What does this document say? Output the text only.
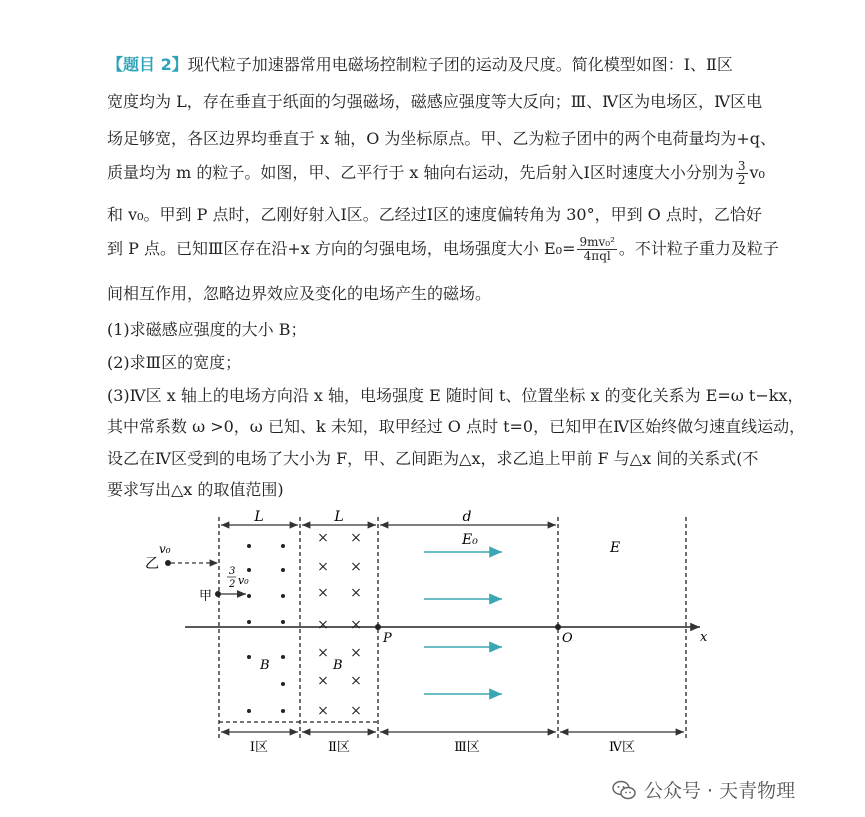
【题目 2】现代粒子加速器常用电磁场控制粒子团的运动及尺度。简化模型如图：Ⅰ、Ⅱ区
宽度均为 L，存在垂直于纸面的匀强磁场，磁感应强度等大反向；Ⅲ、Ⅳ区为电场区，Ⅳ区电
场足够宽，各区边界均垂直于 x 轴，O 为坐标原点。甲、乙为粒子团中的两个电荷量均为+q、
质量均为 m 的粒子。如图，甲、乙平行于 x 轴向右运动，先后射入Ⅰ区时速度大小分别为 $\frac{3}{2} v_0$
和 v₀。甲到 P 点时，乙刚好射入Ⅰ区。乙经过Ⅰ区的速度偏转角为 30°，甲到 O 点时，乙恰好
到 P 点。已知Ⅲ区存在沿+x 方向的匀强电场，电场强度大小 $E_0= \frac{\text{9mv₀²}}{\text{4πql}}$ 。不计粒子重力及粒子
间相互作用，忽略边界效应及变化的电场产生的磁场。
(1)求磁感应强度的大小 B；
(2)求Ⅲ区的宽度；
(3)Ⅳ区 x 轴上的电场方向沿 x 轴，电场强度 E 随时间 t、位置坐标 x 的变化关系为 E=ω t−kx，
其中常系数 ω >0，ω 已知、k 未知，取甲经过 O 点时 t=0，已知甲在Ⅳ区始终做匀速直线运动，
设乙在Ⅳ区受到的电场了大小为 F，甲、乙间距为△x，求乙追上甲前 F 与△x 间的关系式(不
要求写出△x 的取值范围)
L	L	d
Ⅰ区	Ⅱ区	Ⅲ区	Ⅳ区
x
P	O
B
× ×
× ×
× ×
× ×
× ×
× ×
× ×
B
E₀	E
乙
v₀
甲
3
2 v₀
公众号 · 天青物理
